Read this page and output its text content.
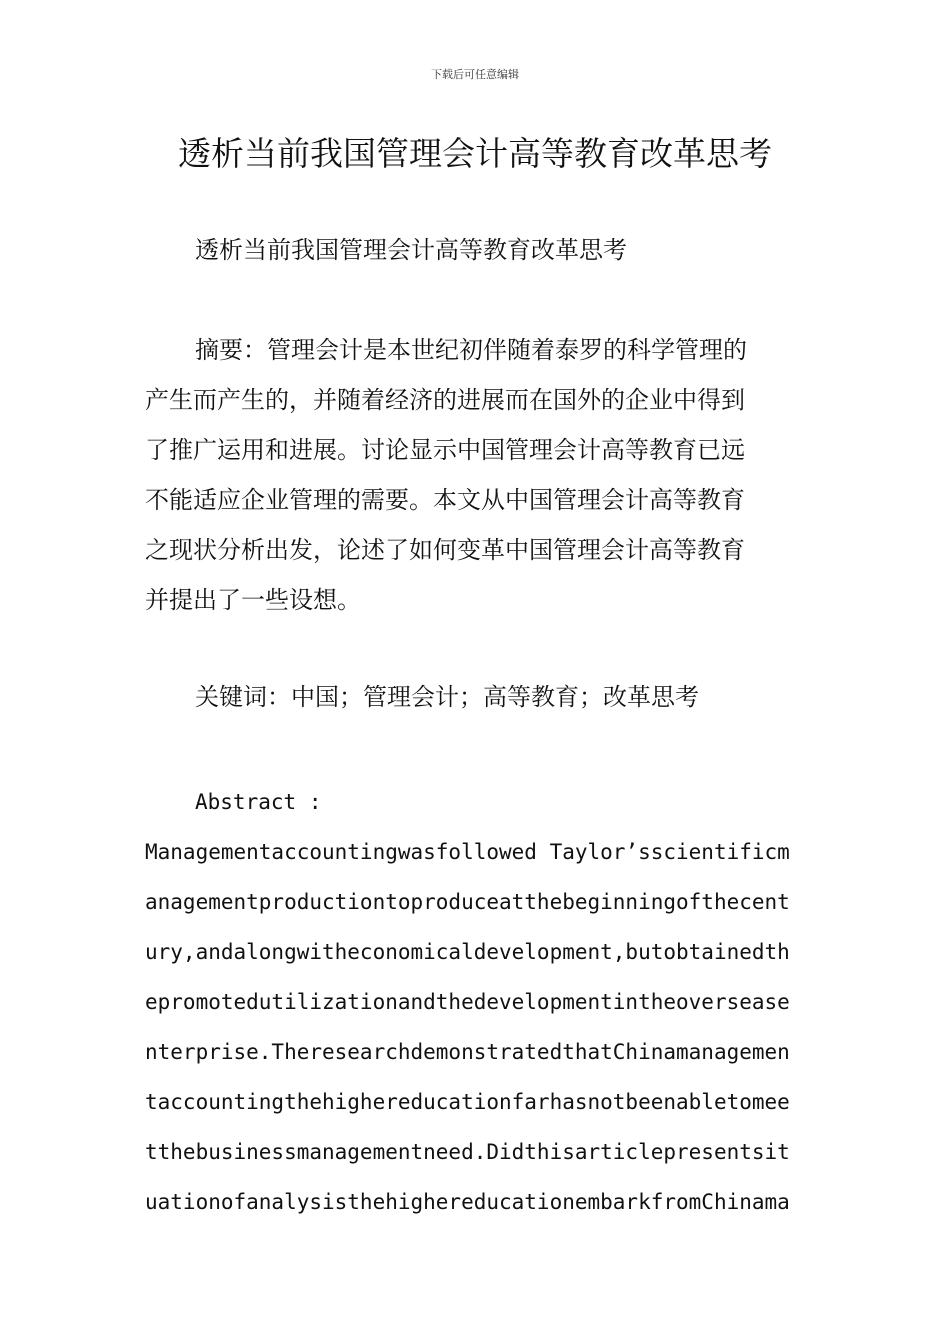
下载后可任意编辑
透析当前我国管理会计高等教育改革思考

透析当前我国管理会计高等教育改革思考

摘要：管理会计是本世纪初伴随着泰罗的科学管理的
产生而产生的，并随着经济的进展而在国外的企业中得到
了推广运用和进展。讨论显示中国管理会计高等教育已远
不能适应企业管理的需要。本文从中国管理会计高等教育
之现状分析出发，论述了如何变革中国管理会计高等教育
并提出了一些设想。

关键词：中国；管理会计；高等教育；改革思考

Abstract :
Managementaccountingwasfollowed Taylor’sscientificm
anagementproductiontoproduceatthebeginningofthecent
ury,andalongwitheconomicaldevelopment,butobtainedth
epromotedutilizationandthedevelopmentintheoversease
nterprise.TheresearchdemonstratedthatChinamanagemen
taccountingthehighereducationfarhasnotbeenabletomee
tthebusinessmanagementneed.Didthisarticlepresentsit
uationofanalysisthehighereducationembarkfromChinama
